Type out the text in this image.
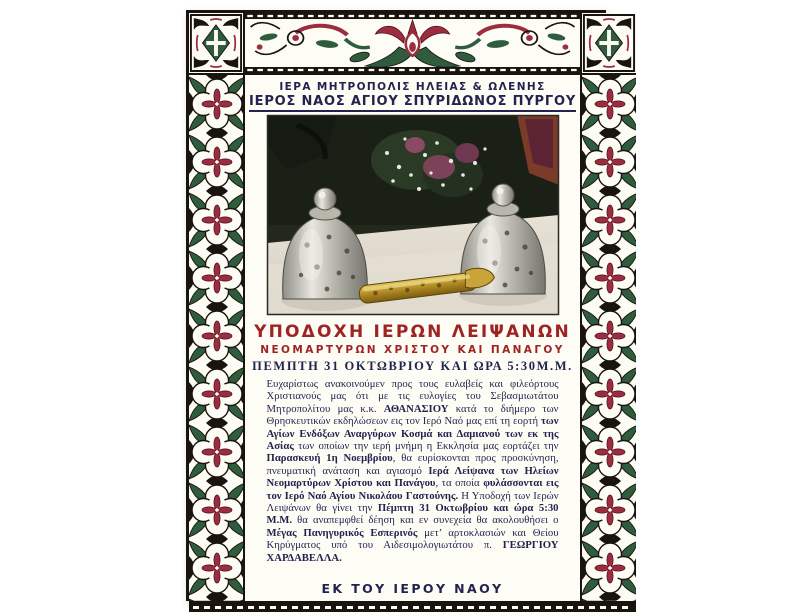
ΙΕΡΑ ΜΗΤΡΟΠΟΛΙΣ ΗΛΕΙΑΣ & ΩΛΕΝΗΣ
ΙΕΡΟΣ ΝΑΟΣ ΑΓΙΟΥ ΣΠΥΡΙΔΩΝΟΣ ΠΥΡΓΟΥ
ΥΠΟΔΟΧΗ ΙΕΡΩΝ ΛΕΙΨΑΝΩΝ
ΝΕΟΜΑΡΤΥΡΩΝ ΧΡΙΣΤΟΥ ΚΑΙ ΠΑΝΑΓΟΥ
ΠΕΜΠΤΗ 31 ΟΚΤΩΒΡΙΟΥ ΚΑΙ ΩΡΑ 5:30Μ.Μ.

Ευχαρίστως ανακοινούμεν προς τους ευλαβείς και φιλεόρτους Χριστιανούς μας ότι με τις ευλογίες του Σεβασμιωτάτου Μητροπολίτου μας κ.κ. ΑΘΑΝΑΣΙΟΥ κατά το διήμερο των Θρησκευτικών εκδηλώσεων εις τον Ιερό Ναό μας επί τη εορτή των Αγίων Ενδόξων Αναργύρων Κοσμά και Δαμιανού των εκ της Ασίας των οποίων την ιερή μνήμη η Εκκλησία μας εορτάζει την Παρασκευή 1η Νοεμβρίου, θα ευρίσκονται προς προσκύνηση, πνευματική ανάταση και αγιασμό Ιερά Λείψανα των Ηλείων Νεομαρτύρων Χρίστου και Πανάγου, τα οποία φυλάσσονται εις τον Ιερό Ναό Αγίου Νικολάου Γαστούνης. Η Υποδοχή των Ιερών Λειψάνων θα γίνει την Πέμπτη 31 Οκτωβρίου και ώρα 5:30 Μ.Μ. θα αναπεμφθεί δέηση και εν συνεχεία θα ακολουθήσει ο Μέγας Πανηγυρικός Εσπερινός μετ’ αρτοκλασιών και Θείου Κηρύγματος υπό του Αιδεσιμολογιωτάτου π. ΓΕΩΡΓΙΟΥ ΧΑΡΔΑΒΕΛΛΑ.

ΕΚ ΤΟΥ ΙΕΡΟΥ ΝΑΟΥ
